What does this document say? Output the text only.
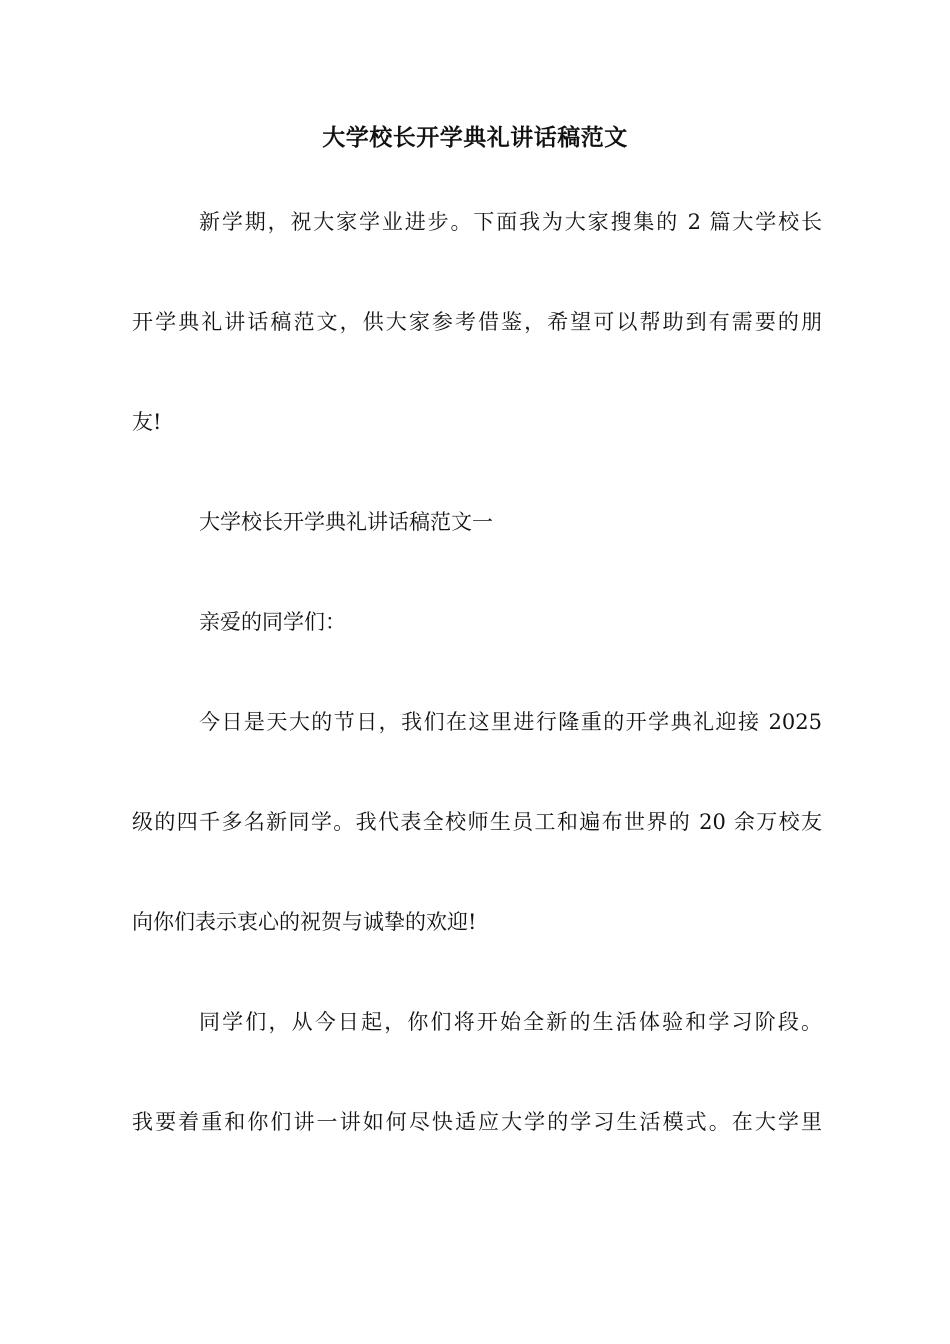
大学校长开学典礼讲话稿范文
新学期，祝大家学业进步。下面我为大家搜集的 2 篇大学校长
开学典礼讲话稿范文，供大家参考借鉴，希望可以帮助到有需要的朋
友!
大学校长开学典礼讲话稿范文一
亲爱的同学们：
今日是天大的节日，我们在这里进行隆重的开学典礼迎接 2025
级的四千多名新同学。我代表全校师生员工和遍布世界的 20 余万校友
向你们表示衷心的祝贺与诚挚的欢迎!
同学们，从今日起，你们将开始全新的生活体验和学习阶段。
我要着重和你们讲一讲如何尽快适应大学的学习生活模式。在大学里
